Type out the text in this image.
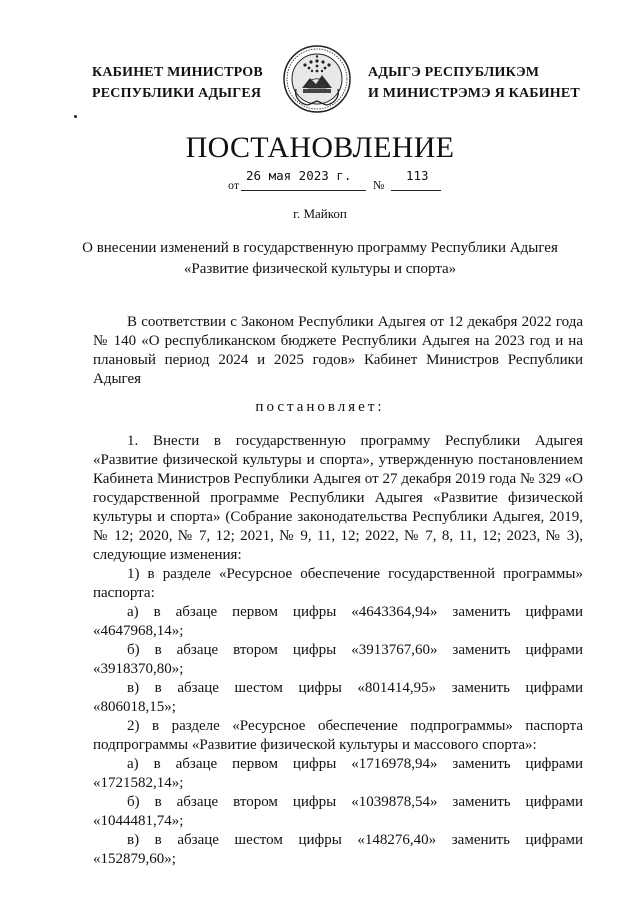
КАБИНЕТ МИНИСТРОВ
РЕСПУБЛИКИ АДЫГЕЯ
АДЫГЭ РЕСПУБЛИКЭМ
И МИНИСТРЭМЭ Я КАБИНЕТ
ПОСТАНОВЛЕНИЕ
от
26 мая 2023 г.
№
113
г. Майкоп
О внесении изменений в государственную программу Республики Адыгея
«Развитие физической культуры и спорта»

В соответствии с Законом Республики Адыгея от 12 декабря 2022 года № 140 «О республиканском бюджете Республики Адыгея на 2023 год и на плановый период 2024 и 2025 годов» Кабинет Министров Республики Адыгея

постановляет:

1. Внести в государственную программу Республики Адыгея «Развитие физической культуры и спорта», утвержденную постановлением Кабинета Министров Республики Адыгея от 27 декабря 2019 года № 329 «О государственной программе Республики Адыгея «Развитие физической культуры и спорта» (Собрание законодательства Республики Адыгея, 2019, № 12; 2020, № 7, 12; 2021, № 9, 11, 12; 2022, № 7, 8, 11, 12; 2023, № 3), следующие изменения:

1) в разделе «Ресурсное обеспечение государственной программы» паспорта:

а) в абзаце первом цифры «4643364,94» заменить цифрами «4647968,14»;

б) в абзаце втором цифры «3913767,60» заменить цифрами «3918370,80»;

в) в абзаце шестом цифры «801414,95» заменить цифрами «806018,15»;

2) в разделе «Ресурсное обеспечение подпрограммы» паспорта подпрограммы «Развитие физической культуры и массового спорта»:

а) в абзаце первом цифры «1716978,94» заменить цифрами «1721582,14»;

б) в абзаце втором цифры «1039878,54» заменить цифрами «1044481,74»;

в) в абзаце шестом цифры «148276,40» заменить цифрами «152879,60»;
